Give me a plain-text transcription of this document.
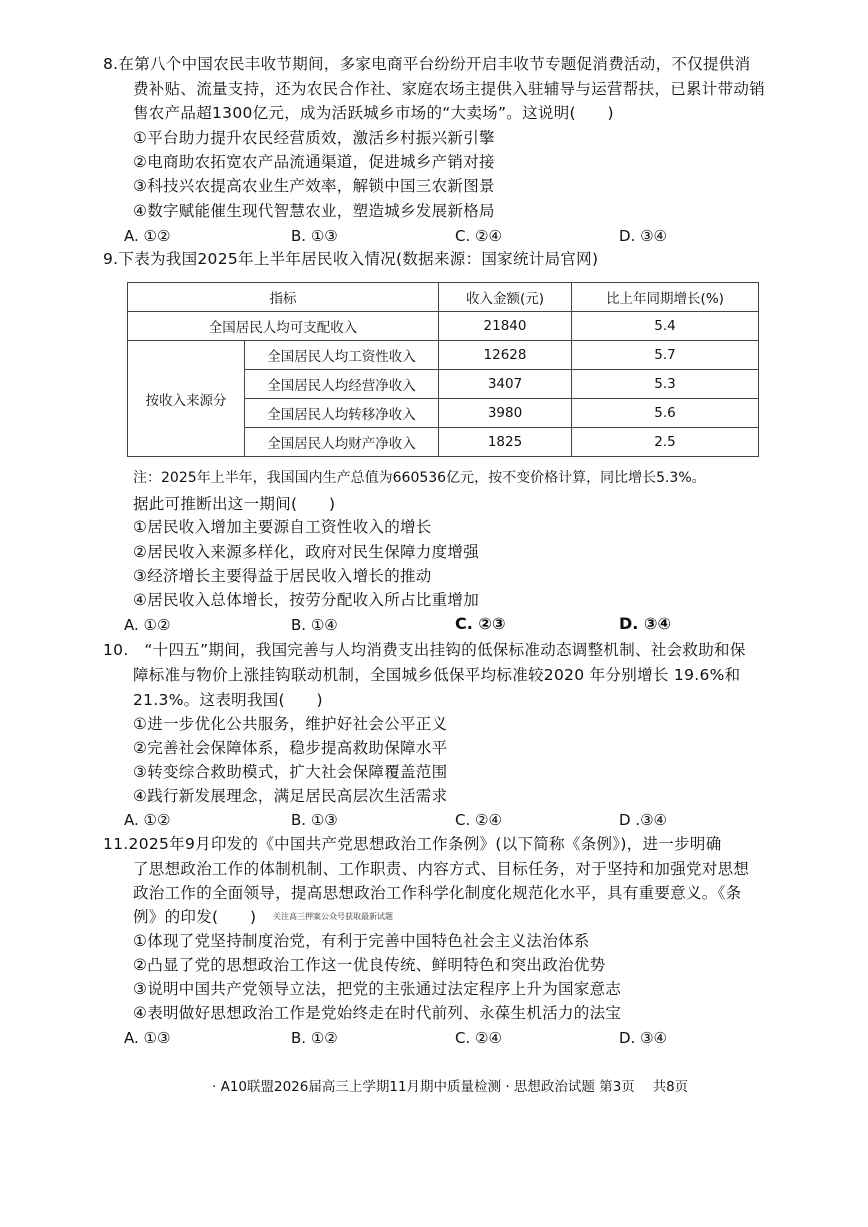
8.在第八个中国农民丰收节期间，多家电商平台纷纷开启丰收节专题促消费活动，不仅提供消
费补贴、流量支持，还为农民合作社、家庭农场主提供入驻辅导与运营帮扶，已累计带动销
售农产品超1300亿元，成为活跃城乡市场的“大卖场”。这说明(　　)
①平台助力提升农民经营质效，激活乡村振兴新引擎
②电商助农拓宽农产品流通渠道，促进城乡产销对接
③科技兴农提高农业生产效率，解锁中国三农新图景
④数字赋能催生现代智慧农业，塑造城乡发展新格局
A. ①②	B. ①③	C. ②④	D. ③④
9.下表为我国2025年上半年居民收入情况(数据来源：国家统计局官网)
指标		收入金额(元)	比上年同期增长(%)
全国居民人均可支配收入		21840	5.4
按收入来源分	全国居民人均工资性收入	12628	5.7
	全国居民人均经营净收入	3407	5.3
	全国居民人均转移净收入	3980	5.6
	全国居民人均财产净收入	1825	2.5
注：2025年上半年，我国国内生产总值为660536亿元，按不变价格计算，同比增长5.3%。
据此可推断出这一期间(　　)
①居民收入增加主要源自工资性收入的增长
②居民收入来源多样化，政府对民生保障力度增强
③经济增长主要得益于居民收入增长的推动
④居民收入总体增长，按劳分配收入所占比重增加
A. ①②	B. ①④	C. ②③	D. ③④
10.　“十四五”期间，我国完善与人均消费支出挂钩的低保标准动态调整机制、社会救助和保
障标准与物价上涨挂钩联动机制，全国城乡低保平均标准较2020 年分别增长 19.6%和
21.3%。这表明我国(　　)
①进一步优化公共服务，维护好社会公平正义
②完善社会保障体系，稳步提高救助保障水平
③转变综合救助模式，扩大社会保障覆盖范围
④践行新发展理念，满足居民高层次生活需求
A. ①②	B. ①③	C. ②④	D .③④
11.2025年9月印发的《中国共产党思想政治工作条例》(以下简称《条例》)，进一步明确
了思想政治工作的体制机制、工作职责、内容方式、目标任务，对于坚持和加强党对思想
政治工作的全面领导，提高思想政治工作科学化制度化规范化水平，具有重要意义。《条
例》的印发(　　)	关注高三押案公众号获取最新试题
①体现了党坚持制度治党，有利于完善中国特色社会主义法治体系
②凸显了党的思想政治工作这一优良传统、鲜明特色和突出政治优势
③说明中国共产党领导立法，把党的主张通过法定程序上升为国家意志
④表明做好思想政治工作是党始终走在时代前列、永葆生机活力的法宝
A. ①③	B. ①②	C. ②④	D. ③④
· A10联盟2026届高三上学期11月期中质量检测 · 思想政治试题 第3页　 共8页
